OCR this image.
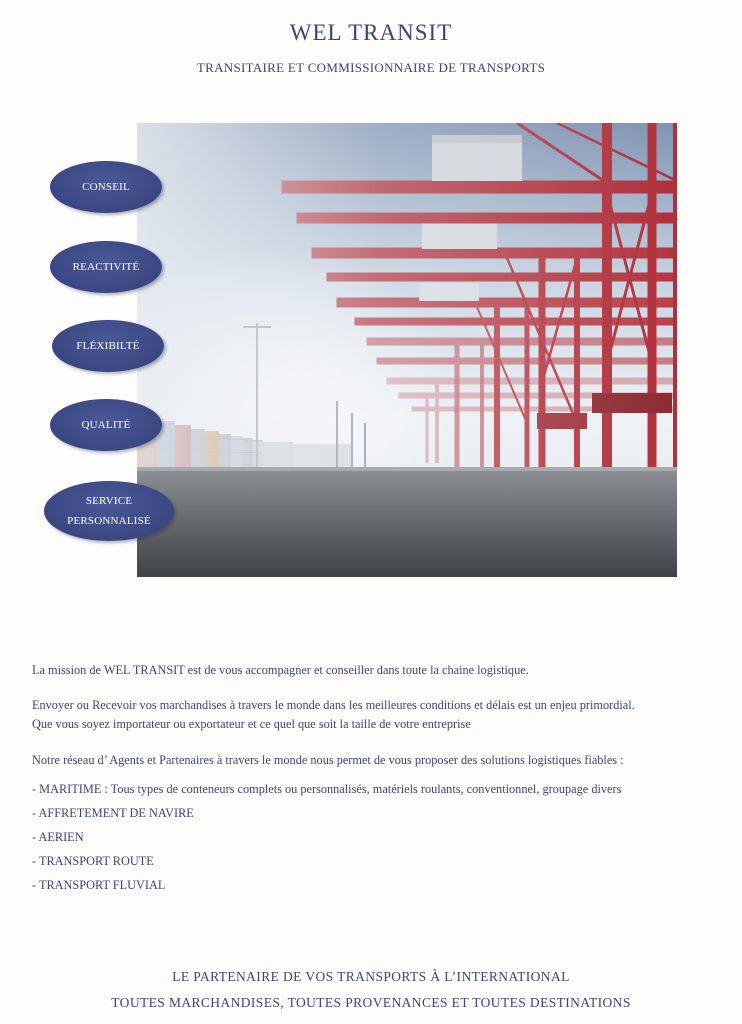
WEL TRANSIT
TRANSITAIRE ET COMMISSIONNAIRE DE TRANSPORTS
CONSEIL
REACTIVITÉ
FLÉXIBILTÉ
QUALITÉ
SERVICE
PERSONNALISÉ
La mission de WEL TRANSIT est de vous accompagner et conseiller dans toute la chaine logistique.
Envoyer ou Recevoir vos marchandises à travers le monde dans les meilleures conditions et délais est un enjeu primordial.
Que vous soyez importateur ou exportateur et ce quel que soit la taille de votre entreprise
Notre réseau d’ Agents et Partenaires à travers le monde nous permet de vous proposer des solutions logistiques fiables :
- MARITIME : Tous types de conteneurs complets ou personnalisés, matériels roulants, conventionnel, groupage divers
- AFFRETEMENT DE NAVIRE
- AERIEN
- TRANSPORT ROUTE
- TRANSPORT FLUVIAL
LE PARTENAIRE DE VOS TRANSPORTS À L’INTERNATIONAL
TOUTES MARCHANDISES, TOUTES PROVENANCES ET TOUTES DESTINATIONS
